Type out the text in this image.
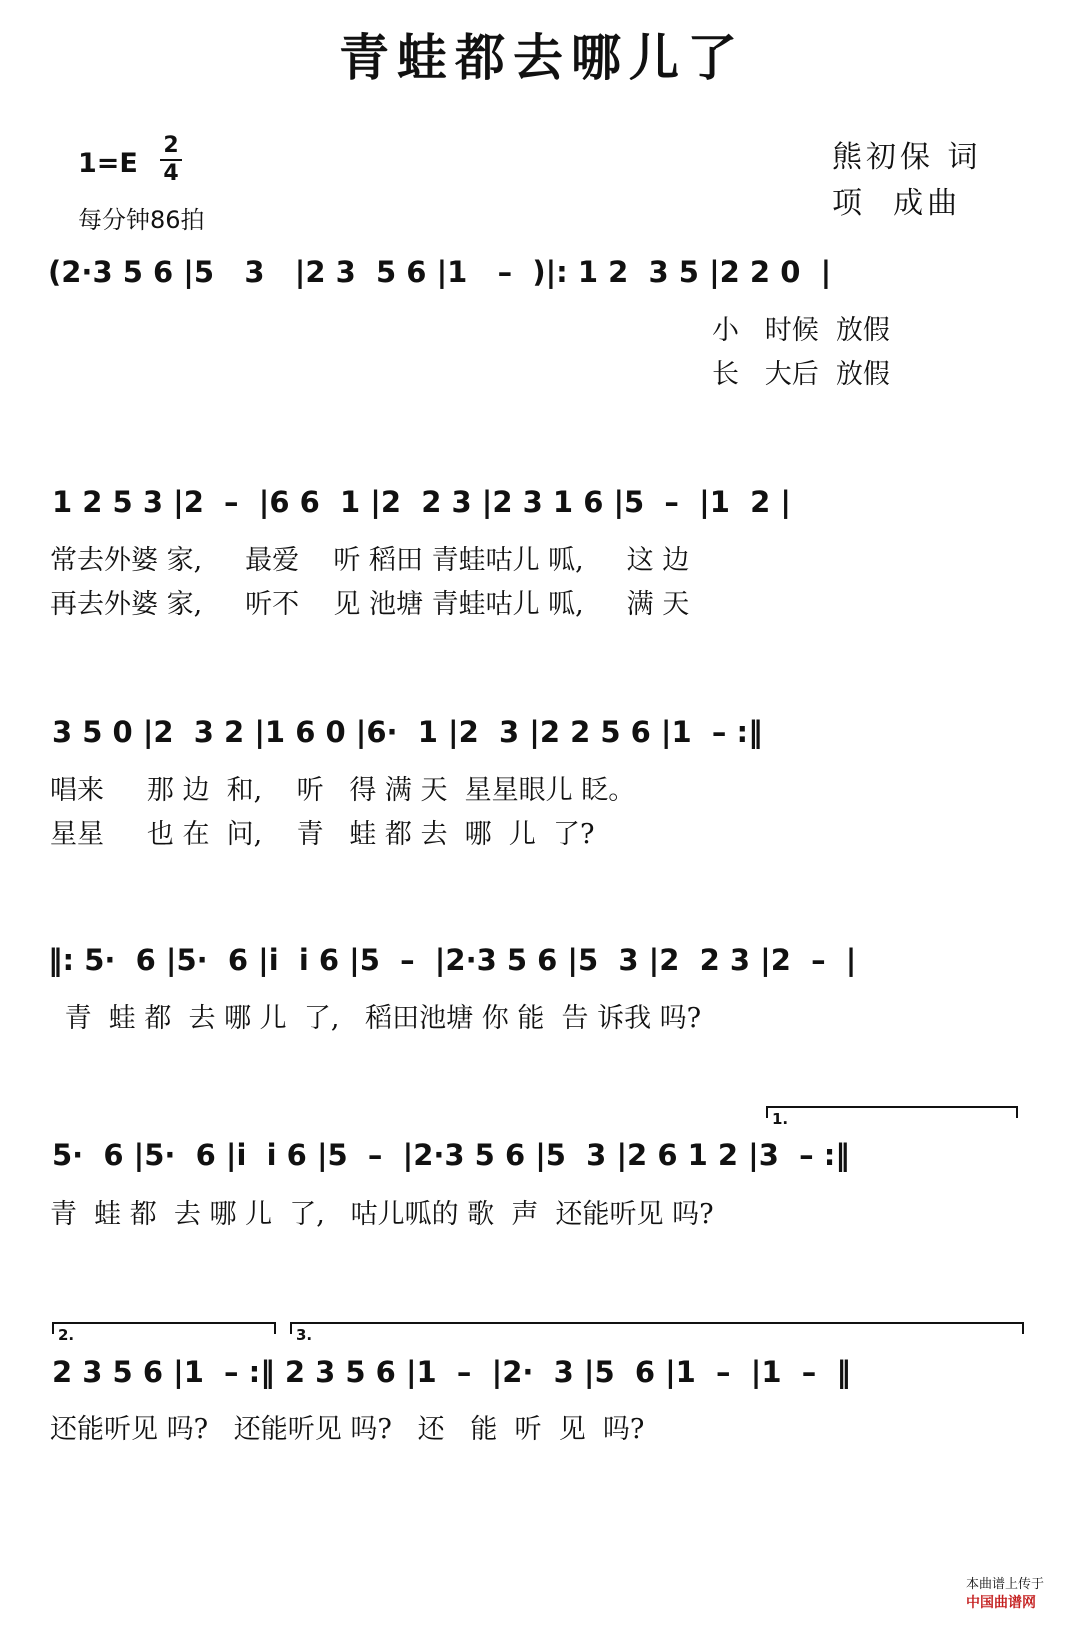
青蛙都去哪儿了
1=E
2
4
每分钟86拍
熊初保 词
项  成曲
(2·3 5 6 |5   3   |2 3  5 6 |1   –  )|: 1 2  3 5 |2 2 0  |
小   时候  放假
长   大后  放假
1 2 5 3 |2  –  |6 6  1 |2  2 3 |2 3 1 6 |5  –  |1  2 |
常去外婆 家,     最爱    听 稻田 青蛙咕儿 呱,     这 边
再去外婆 家,     听不    见 池塘 青蛙咕儿 呱,     满 天
3 5 0 |2  3 2 |1 6 0 |6·  1 |2  3 |2 2 5 6 |1  – :‖
唱来     那 边  和,    听   得 满 天  星星眼儿 眨。
星星     也 在  问,    青   蛙 都 去  哪  儿  了?
‖: 5·  6 |5·  6 |i  i 6 |5  –  |2·3 5 6 |5  3 |2  2 3 |2  –  |
青  蛙 都  去 哪 儿  了,   稻田池塘 你 能  告 诉我 吗?
1.
5·  6 |5·  6 |i  i 6 |5  –  |2·3 5 6 |5  3 |2 6 1 2 |3  – :‖
青  蛙 都  去 哪 儿  了,   咕儿呱的 歌  声  还能听见 吗?
2.	3.
2 3 5 6 |1  – :‖ 2 3 5 6 |1  –  |2·  3 |5  6 |1  –  |1  –  ‖
还能听见 吗?   还能听见 吗?   还   能  听  见  吗?

本曲谱上传于
中国曲谱网
